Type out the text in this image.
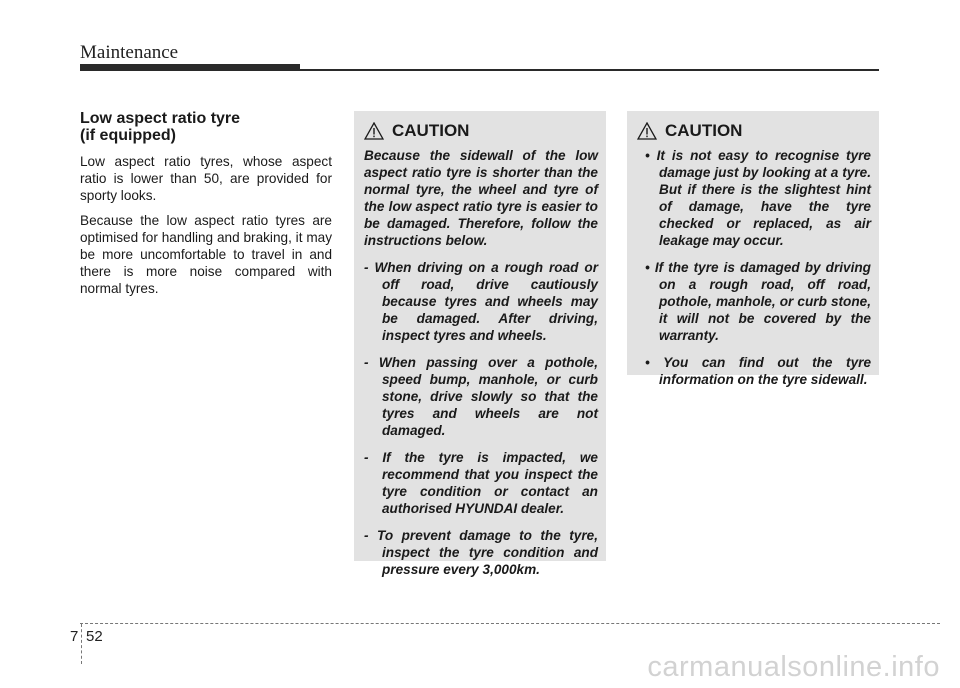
Maintenance
Low aspect ratio tyre
(if equipped)

Low aspect ratio tyres, whose aspect ratio is lower than 50, are provided for sporty looks.

Because the low aspect ratio tyres are optimised for handling and braking, it may be more uncomfortable to travel in and there is more noise compared with normal tyres.

CAUTION

Because the sidewall of the low aspect ratio tyre is shorter than the normal tyre, the wheel and tyre of the low aspect ratio tyre is easier to be damaged. Therefore, follow the instructions below.

- When driving on a rough road or off road, drive cautiously because tyres and wheels may be damaged. After driving, inspect tyres and wheels.
- When passing over a pothole, speed bump, manhole, or curb stone, drive slowly so that the tyres and wheels are not damaged.
- If the tyre is impacted, we recommend that you inspect the tyre condition or contact an authorised HYUNDAI dealer.
- To prevent damage to the tyre, inspect the tyre condition and pressure every 3,000km.
CAUTION
• It is not easy to recognise tyre damage just by looking at a tyre. But if there is the slightest hint of damage, have the tyre checked or replaced, as air leakage may occur.
• If the tyre is damaged by driving on a rough road, off road, pothole, manhole, or curb stone, it will not be covered by the warranty.
• You can find out the tyre information on the tyre sidewall.
7 52
carmanualsonline.info
